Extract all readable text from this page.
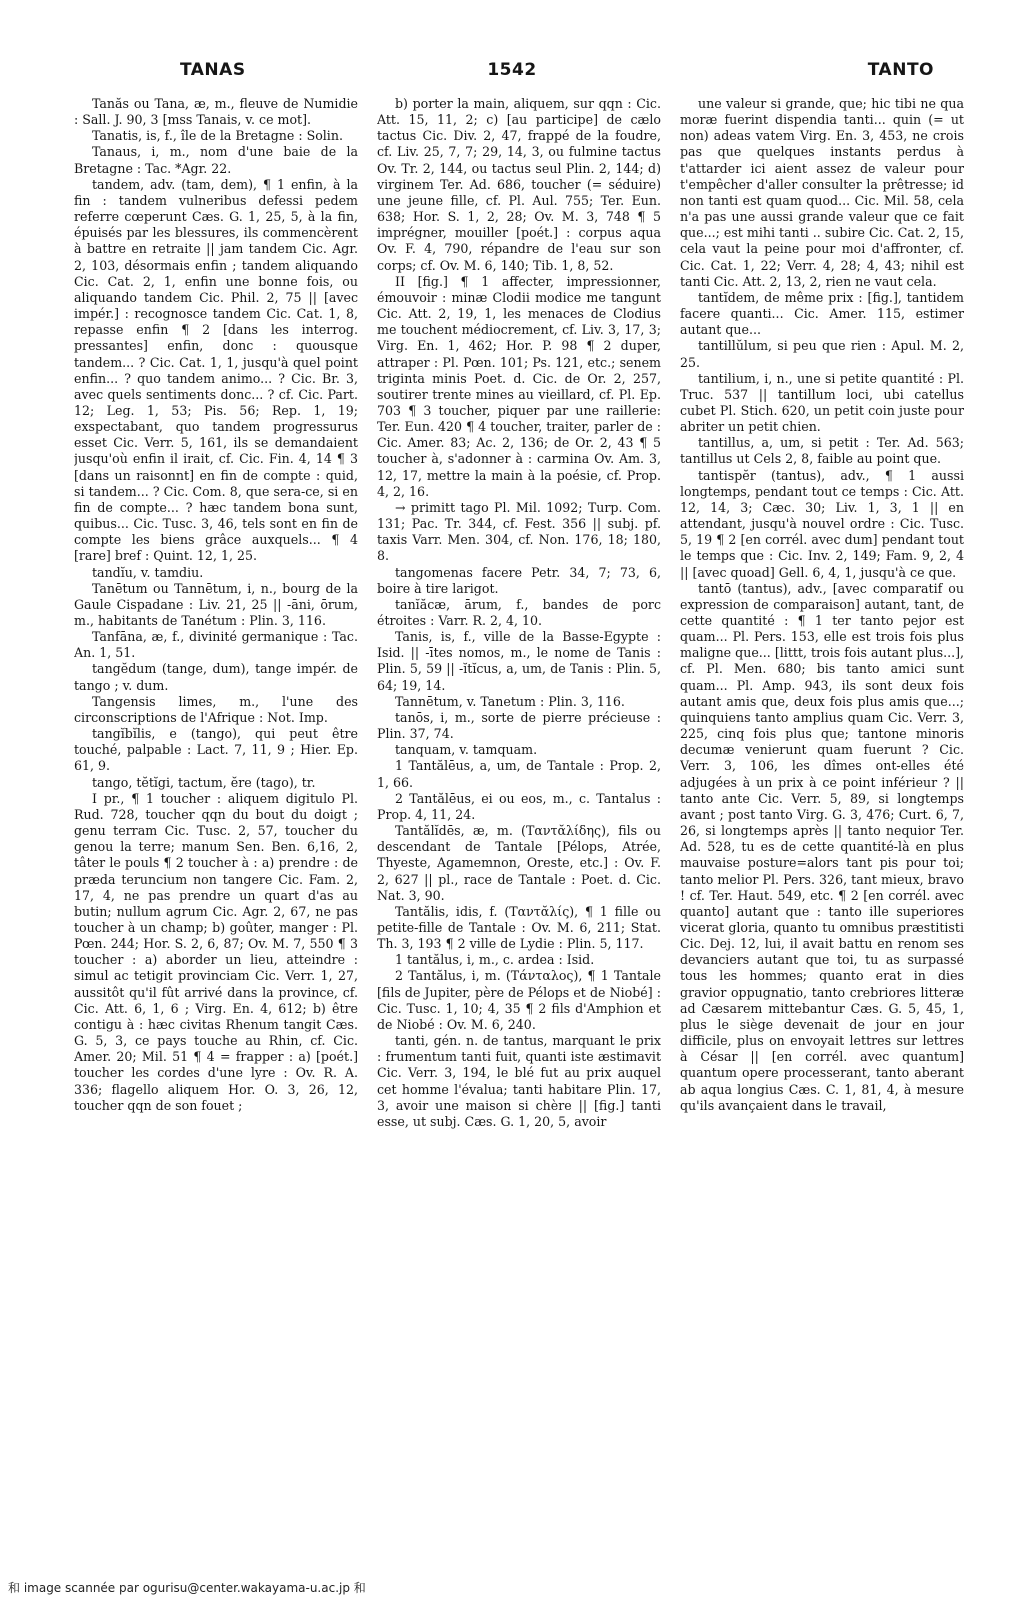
TANAS	1542	TANTO

Tanăs ou Tana, æ, m., fleuve de Numidie : Sall. J. 90, 3 [mss Tanais, v. ce mot].

Tanatis, is, f., île de la Bretagne : Solin.

Tanaus, i, m., nom d'une baie de la Bretagne : Tac. *Agr. 22.

tandem, adv. (tam, dem), ¶ 1 enfin, à la fin : tandem vulneribus defessi pedem referre cœperunt Cæs. G. 1, 25, 5, à la fin, épuisés par les blessures, ils commencèrent à battre en retraite || jam tandem Cic. Agr. 2, 103, désormais enfin ; tandem aliquando Cic. Cat. 2, 1, enfin une bonne fois, ou aliquando tandem Cic. Phil. 2, 75 || [avec impér.] : recognosce tandem Cic. Cat. 1, 8, repasse enfin ¶ 2 [dans les interrog. pressantes] enfin, donc : quousque tandem... ? Cic. Cat. 1, 1, jusqu'à quel point enfin... ? quo tandem animo... ? Cic. Br. 3, avec quels sentiments donc... ? cf. Cic. Part. 12; Leg. 1, 53; Pis. 56; Rep. 1, 19; exspectabant, quo tandem progressurus esset Cic. Verr. 5, 161, ils se demandaient jusqu'où enfin il irait, cf. Cic. Fin. 4, 14 ¶ 3 [dans un raisonnt] en fin de compte : quid, si tandem... ? Cic. Com. 8, que sera-ce, si en fin de compte... ? hæc tandem bona sunt, quibus... Cic. Tusc. 3, 46, tels sont en fin de compte les biens grâce auxquels... ¶ 4 [rare] bref : Quint. 12, 1, 25.

tandĭu, v. tamdiu.

Tanētum ou Tannētum, i, n., bourg de la Gaule Cispadane : Liv. 21, 25 || -āni, ōrum, m., habitants de Tanétum : Plin. 3, 116.

Tanfāna, æ, f., divinité germanique : Tac. An. 1, 51.

tangĕdum (tange, dum), tange impér. de tango ; v. dum.

Tangensis limes, m., l'une des circonscriptions de l'Afrique : Not. Imp.

tangĭbĭlis, e (tango), qui peut être touché, palpable : Lact. 7, 11, 9 ; Hier. Ep. 61, 9.

tango, tĕtĭgi, tactum, ĕre (tago), tr.

I pr., ¶ 1 toucher : aliquem digitulo Pl. Rud. 728, toucher qqn du bout du doigt ; genu terram Cic. Tusc. 2, 57, toucher du genou la terre; manum Sen. Ben. 6,16, 2, tâter le pouls ¶ 2 toucher à : a) prendre : de præda teruncium non tangere Cic. Fam. 2, 17, 4, ne pas prendre un quart d'as au butin; nullum agrum Cic. Agr. 2, 67, ne pas toucher à un champ; b) goûter, manger : Pl. Pœn. 244; Hor. S. 2, 6, 87; Ov. M. 7, 550 ¶ 3 toucher : a) aborder un lieu, atteindre : simul ac tetigit provinciam Cic. Verr. 1, 27, aussitôt qu'il fût arrivé dans la province, cf. Cic. Att. 6, 1, 6 ; Virg. En. 4, 612; b) être contigu à : hæc civitas Rhenum tangit Cæs. G. 5, 3, ce pays touche au Rhin, cf. Cic. Amer. 20; Mil. 51 ¶ 4 = frapper : a) [poét.] toucher les cordes d'une lyre : Ov. R. A. 336; flagello aliquem Hor. O. 3, 26, 12, toucher qqn de son fouet ;

b) porter la main, aliquem, sur qqn : Cic. Att. 15, 11, 2; c) [au participe] de cælo tactus Cic. Div. 2, 47, frappé de la foudre, cf. Liv. 25, 7, 7; 29, 14, 3, ou fulmine tactus Ov. Tr. 2, 144, ou tactus seul Plin. 2, 144; d) virginem Ter. Ad. 686, toucher (= séduire) une jeune fille, cf. Pl. Aul. 755; Ter. Eun. 638; Hor. S. 1, 2, 28; Ov. M. 3, 748 ¶ 5 imprégner, mouiller [poét.] : corpus aqua Ov. F. 4, 790, répandre de l'eau sur son corps; cf. Ov. M. 6, 140; Tib. 1, 8, 52.

II [fig.] ¶ 1 affecter, impressionner, émouvoir : minæ Clodii modice me tangunt Cic. Att. 2, 19, 1, les menaces de Clodius me touchent médiocrement, cf. Liv. 3, 17, 3; Virg. En. 1, 462; Hor. P. 98 ¶ 2 duper, attraper : Pl. Pœn. 101; Ps. 121, etc.; senem triginta minis Poet. d. Cic. de Or. 2, 257, soutirer trente mines au vieillard, cf. Pl. Ep. 703 ¶ 3 toucher, piquer par une raillerie: Ter. Eun. 420 ¶ 4 toucher, traiter, parler de : Cic. Amer. 83; Ac. 2, 136; de Or. 2, 43 ¶ 5 toucher à, s'adonner à : carmina Ov. Am. 3, 12, 17, mettre la main à la poésie, cf. Prop. 4, 2, 16.

→ primitt tago Pl. Mil. 1092; Turp. Com. 131; Pac. Tr. 344, cf. Fest. 356 || subj. pf. taxis Varr. Men. 304, cf. Non. 176, 18; 180, 8.

tangomenas facere Petr. 34, 7; 73, 6, boire à tire larigot.

tanĭăcæ, ārum, f., bandes de porc étroites : Varr. R. 2, 4, 10.

Tanis, is, f., ville de la Basse-Egypte : Isid. || -ītes nomos, m., le nome de Tanis : Plin. 5, 59 || -ĭtĭcus, a, um, de Tanis : Plin. 5, 64; 19, 14.

Tannētum, v. Tanetum : Plin. 3, 116.

tanōs, i, m., sorte de pierre précieuse : Plin. 37, 74.

tanquam, v. tamquam.

1 Tantălēus, a, um, de Tantale : Prop. 2, 1, 66.

2 Tantălēus, ei ou eos, m., c. Tantalus : Prop. 4, 11, 24.

Tantălĭdēs, æ, m. (Ταντᾰλίδης), fils ou descendant de Tantale [Pélops, Atrée, Thyeste, Agamemnon, Oreste, etc.] : Ov. F. 2, 627 || pl., race de Tantale : Poet. d. Cic. Nat. 3, 90.

Tantălis, idis, f. (Ταντᾰλίς), ¶ 1 fille ou petite-fille de Tantale : Ov. M. 6, 211; Stat. Th. 3, 193 ¶ 2 ville de Lydie : Plin. 5, 117.

1 tantălus, i, m., c. ardea : Isid.

2 Tantălus, i, m. (Τάνταλος), ¶ 1 Tantale [fils de Jupiter, père de Pélops et de Niobé] : Cic. Tusc. 1, 10; 4, 35 ¶ 2 fils d'Amphion et de Niobé : Ov. M. 6, 240.

tanti, gén. n. de tantus, marquant le prix : frumentum tanti fuit, quanti iste æstimavit Cic. Verr. 3, 194, le blé fut au prix auquel cet homme l'évalua; tanti habitare Plin. 17, 3, avoir une maison si chère || [fig.] tanti esse, ut subj. Cæs. G. 1, 20, 5, avoir

une valeur si grande, que; hic tibi ne qua moræ fuerint dispendia tanti... quin (= ut non) adeas vatem Virg. En. 3, 453, ne crois pas que quelques instants perdus à t'attarder ici aient assez de valeur pour t'empêcher d'aller consulter la prêtresse; id non tanti est quam quod... Cic. Mil. 58, cela n'a pas une aussi grande valeur que ce fait que...; est mihi tanti .. subire Cic. Cat. 2, 15, cela vaut la peine pour moi d'affronter, cf. Cic. Cat. 1, 22; Verr. 4, 28; 4, 43; nihil est tanti Cic. Att. 2, 13, 2, rien ne vaut cela.

tantĭdem, de même prix : [fig.], tantidem facere quanti... Cic. Amer. 115, estimer autant que...

tantillŭlum, si peu que rien : Apul. M. 2, 25.

tantilium, i, n., une si petite quantité : Pl. Truc. 537 || tantillum loci, ubi catellus cubet Pl. Stich. 620, un petit coin juste pour abriter un petit chien.

tantillus, a, um, si petit : Ter. Ad. 563; tantillus ut Cels 2, 8, faible au point que.

tantispĕr (tantus), adv., ¶ 1 aussi longtemps, pendant tout ce temps : Cic. Att. 12, 14, 3; Cæc. 30; Liv. 1, 3, 1 || en attendant, jusqu'à nouvel ordre : Cic. Tusc. 5, 19 ¶ 2 [en corrél. avec dum] pendant tout le temps que : Cic. Inv. 2, 149; Fam. 9, 2, 4 || [avec quoad] Gell. 6, 4, 1, jusqu'à ce que.

tantō (tantus), adv., [avec comparatif ou expression de comparaison] autant, tant, de cette quantité : ¶ 1 ter tanto pejor est quam... Pl. Pers. 153, elle est trois fois plus maligne que... [littt, trois fois autant plus...], cf. Pl. Men. 680; bis tanto amici sunt quam... Pl. Amp. 943, ils sont deux fois autant amis que, deux fois plus amis que...; quinquiens tanto amplius quam Cic. Verr. 3, 225, cinq fois plus que; tantone minoris decumæ venierunt quam fuerunt ? Cic. Verr. 3, 106, les dîmes ont-elles été adjugées à un prix à ce point inférieur ? || tanto ante Cic. Verr. 5, 89, si longtemps avant ; post tanto Virg. G. 3, 476; Curt. 6, 7, 26, si longtemps après || tanto nequior Ter. Ad. 528, tu es de cette quantité-là en plus mauvaise posture=alors tant pis pour toi; tanto melior Pl. Pers. 326, tant mieux, bravo ! cf. Ter. Haut. 549, etc. ¶ 2 [en corrél. avec quanto] autant que : tanto ille superiores vicerat gloria, quanto tu omnibus præstitisti Cic. Dej. 12, lui, il avait battu en renom ses devanciers autant que toi, tu as surpassé tous les hommes; quanto erat in dies gravior oppugnatio, tanto crebriores litteræ ad Cæsarem mittebantur Cæs. G. 5, 45, 1, plus le siège devenait de jour en jour difficile, plus on envoyait lettres sur lettres à César || [en corrél. avec quantum] quantum opere processerant, tanto aberant ab aqua longius Cæs. C. 1, 81, 4, à mesure qu'ils avançaient dans le travail,

和 image scannée par ogurisu@center.wakayama-u.ac.jp 和
